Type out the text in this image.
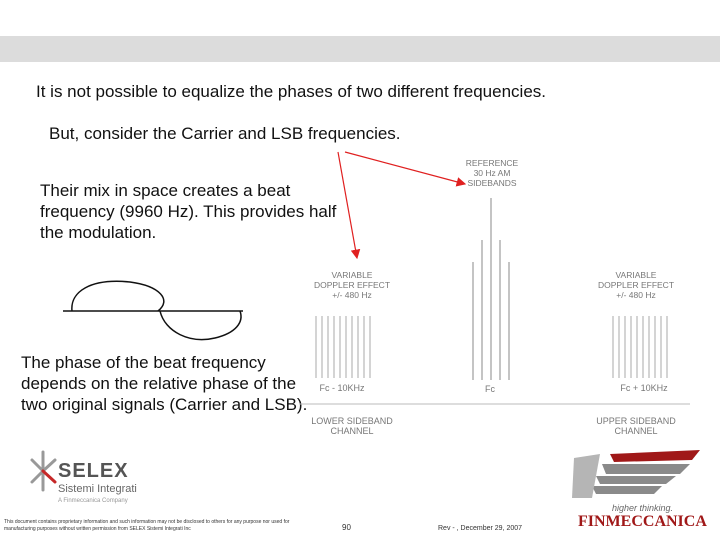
It is not possible to equalize the phases of two different frequencies.

But, consider the Carrier and LSB frequencies.

Their mix in space creates a beat frequency (9960 Hz). This provides half the modulation.

The phase of the beat frequency depends on the relative phase of the two original signals (Carrier and LSB).

REFERENCE
30 Hz AM
SIDEBANDS
VARIABLE
DOPPLER EFFECT
+/- 480 Hz
VARIABLE
DOPPLER EFFECT
+/- 480 Hz
Fc - 10KHz	Fc	Fc + 10KHz
LOWER SIDEBAND
CHANNEL
UPPER SIDEBAND
CHANNEL
SELEX
Sistemi Integrati
A Finmeccanica Company
This document contains proprietary information and such information may not be disclosed to others for any purpose nor used for manufacturing purposes without written permission from SELEX Sistemi Integrati Inc	90	Rev - , December 29, 2007
higher thinking.
FINMECCANICA
